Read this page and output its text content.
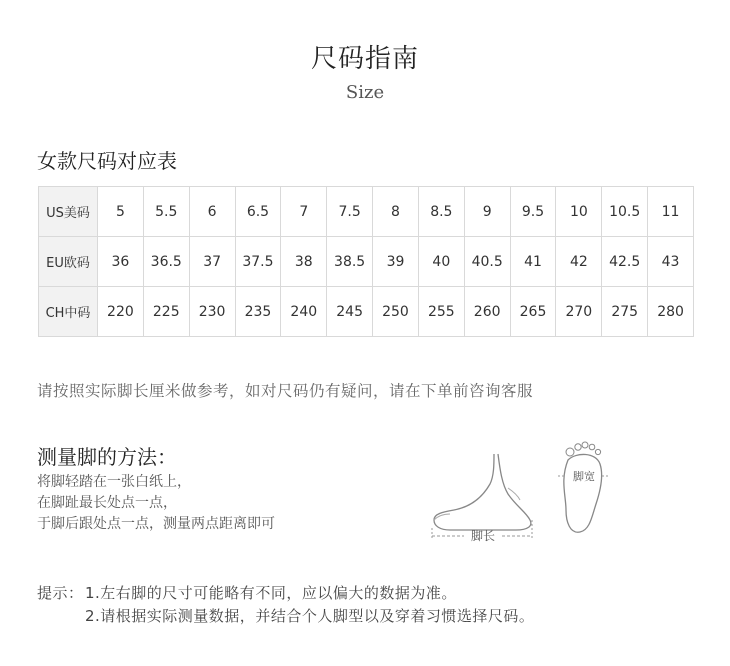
尺码指南
Size
女款尺码对应表
US美码	5	5.5	6	6.5	7	7.5	8	8.5	9	9.5	10	10.5	11
EU欧码	36	36.5	37	37.5	38	38.5	39	40	40.5	41	42	42.5	43
CH中码	220	225	230	235	240	245	250	255	260	265	270	275	280
请按照实际脚长厘米做参考，如对尺码仍有疑问，请在下单前咨询客服
测量脚的方法：
将脚轻踏在一张白纸上，
在脚趾最长处点一点，
于脚后跟处点一点，测量两点距离即可
脚长
脚宽
提示：1.左右脚的尺寸可能略有不同，应以偏大的数据为准。
2.请根据实际测量数据，并结合个人脚型以及穿着习惯选择尺码。
